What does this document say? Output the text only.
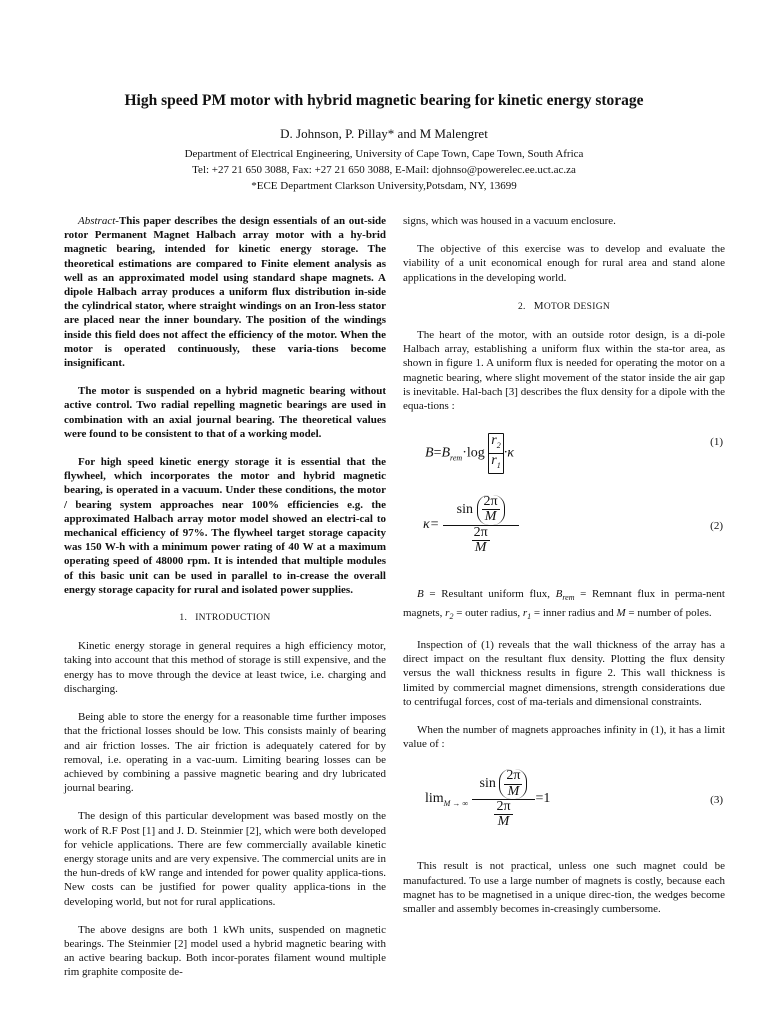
High speed PM motor with hybrid magnetic bearing for kinetic energy storage
D. Johnson, P. Pillay* and M Malengret
Department of Electrical Engineering, University of Cape Town, Cape Town, South Africa
Tel: +27 21 650 3088, Fax: +27 21 650 3088, E-Mail: djohnso@powerelec.ee.uct.ac.za
*ECE Department Clarkson University,Potsdam, NY, 13699

Abstract-This paper describes the design essentials of an out-side rotor Permanent Magnet Halbach array motor with a hy-brid magnetic bearing, intended for kinetic energy storage. The theoretical estimations are compared to Finite element analysis as well as an approximated model using standard shape magnets. A dipole Halbach array produces a uniform flux distribution in-side the cylindrical stator, where straight windings on an Iron-less stator are placed near the inner boundary. The position of the windings inside this field does not affect the efficiency of the motor. When the motor is operated continuously, these varia-tions become insignificant.

The motor is suspended on a hybrid magnetic bearing without active control. Two radial repelling magnetic bearings are used in combination with an axial journal bearing. The theoretical values were found to be consistent to that of a working model.

For high speed kinetic energy storage it is essential that the flywheel, which incorporates the motor and hybrid magnetic bearing, is operated in a vacuum. Under these conditions, the motor / bearing system approaches near 100% efficiencies e.g. the approximated Halbach array motor model showed an electri-cal to mechanical efficiency of 97%. The flywheel target storage capacity was 150 W-h with a minimum power rating of 40 W at a maximum operating speed of 48000 rpm. It is intended that multiple modules of this basic unit can be used in parallel to in-crease the overall energy storage capacity for rural and isolated power supplies.

1. INTRODUCTION

Kinetic energy storage in general requires a high efficiency motor, taking into account that this method of storage is still expensive, and the energy has to move through the device at least twice, i.e. charging and discharging.

Being able to store the energy for a reasonable time further imposes that the frictional losses should be low. This consists mainly of bearing and air friction losses. The air friction is adequately catered for by removal, i.e. operating in a vac-uum. Limiting bearing losses can be achieved by combining a passive magnetic bearing and dry lubricated journal bearing.

The design of this particular development was based mostly on the work of R.F Post [1] and J. D. Steinmier [2], which were both developed for vehicle applications. There are few commercially available kinetic energy storage units and are very expensive. The commercial units are in the hun-dreds of kW range and intended for power quality applica-tions. New costs can be justified for power quality applica-tions in the developing world, but not for rural applications.

The above designs are both 1 kWh units, suspended on magnetic bearings. The Steinmier [2] model used a hybrid magnetic bearing with an active bearing backup. Both incor-porates filament wound multiple rim graphite composite de-

signs, which was housed in a vacuum enclosure.

The objective of this exercise was to develop and evaluate the viability of a unit economical enough for rural area and stand alone applications in the developing world.

2. MOTOR DESIGN

The heart of the motor, with an outside rotor design, is a di-pole Halbach array, establishing a uniform flux within the sta-tor area, as shown in figure 1. A uniform flux is needed for operating the motor on a magnetic bearing, where slight movement of the stator inside the air gap is inevitable. Hal-bach [3] describes the flux density for a dipole with the equa-tions :

$B=B_{rem}\cdot\log \frac{r_2}{r_1} \cdot\kappa$
(1)
$\kappa= \frac{\sin \frac{2\pi}{M}}{\frac{2\pi}{M}}$	(2)

B = Resultant uniform flux, $B_{rem}$ = Remnant flux in perma-nent magnets, $r_2$ = outer radius, $r_1$ = inner radius and M = number of poles.

Inspection of (1) reveals that the wall thickness of the array has a direct impact on the resultant flux density. Plotting the flux density versus the wall thickness results in figure 2. This wall thickness is limited by commercial magnet dimensions, strength considerations due to centrifugal forces, cost of ma-terials and dimensional constraints.

When the number of magnets approaches infinity in (1), it has a limit value of :

$\lim_{M \to \infty} \frac{\sin \frac{2\pi}{M}}{\frac{2\pi}{M}} =1$	(3)

This result is not practical, unless one such magnet could be manufactured. To use a large number of magnets is costly, because each magnet has to be magnetised in a unique direc-tion, the wedges become smaller and assembly becomes in-creasingly cumbersome.
